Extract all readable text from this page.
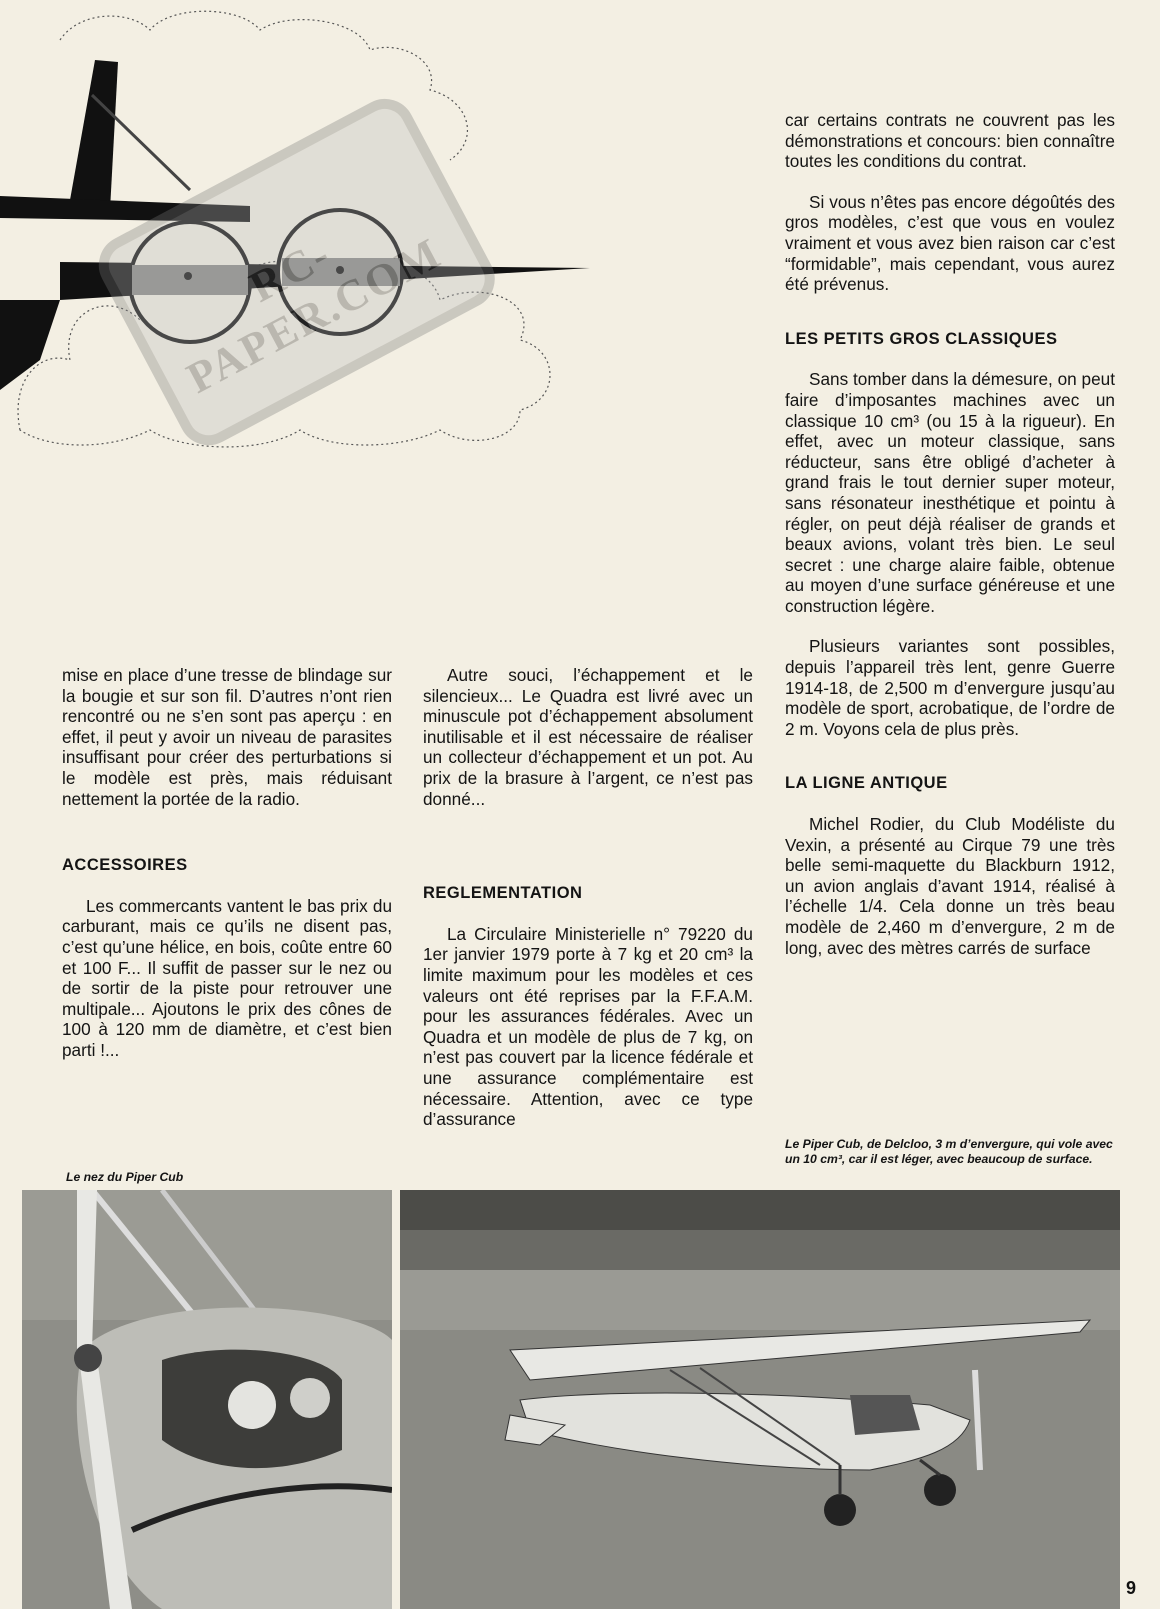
RC-PAPER.COM

mise en place d’une tresse de blindage sur la bougie et sur son fil. D’autres n’ont rien rencontré ou ne s’en sont pas aperçu : en effet, il peut y avoir un niveau de parasites insuffisant pour créer des perturbations si le modèle est près, mais réduisant nettement la portée de la radio.

ACCESSOIRES

Les commercants vantent le bas prix du carburant, mais ce qu’ils ne disent pas, c’est qu’une hélice, en bois, coûte entre 60 et 100 F... Il suffit de passer sur le nez ou de sortir de la piste pour retrouver une multipale... Ajoutons le prix des cônes de 100 à 120 mm de diamètre, et c’est bien parti !...

Autre souci, l’échappement et le silencieux... Le Quadra est livré avec un minuscule pot d’échappement absolument inutilisable et il est nécessaire de réaliser un collecteur d’échappement et un pot. Au prix de la brasure à l’argent, ce n’est pas donné...

REGLEMENTATION

La Circulaire Ministerielle n° 79220 du 1er janvier 1979 porte à 7 kg et 20 cm³ la limite maximum pour les modèles et ces valeurs ont été reprises par la F.F.A.M. pour les assurances fédérales. Avec un Quadra et un modèle de plus de 7 kg, on n’est pas couvert par la licence fédérale et une assurance complémentaire est nécessaire. Attention, avec ce type d’assurance

car certains contrats ne couvrent pas les démonstrations et concours: bien connaître toutes les conditions du contrat.

Si vous n’êtes pas encore dégoûtés des gros modèles, c’est que vous en voulez vraiment et vous avez bien raison car c’est “formidable”, mais cependant, vous aurez été prévenus.

LES PETITS GROS CLASSIQUES

Sans tomber dans la démesure, on peut faire d’imposantes machines avec un classique 10 cm³ (ou 15 à la rigueur). En effet, avec un moteur classique, sans réducteur, sans être obligé d’acheter à grand frais le tout dernier super moteur, sans résonateur inesthétique et pointu à régler, on peut déjà réaliser de grands et beaux avions, volant très bien. Le seul secret : une charge alaire faible, obtenue au moyen d’une surface généreuse et une construction légère.

Plusieurs variantes sont possibles, depuis l’appareil très lent, genre Guerre 1914-18, de 2,500 m d’envergure jusqu’au modèle de sport, acrobatique, de l’ordre de 2 m. Voyons cela de plus près.

LA LIGNE ANTIQUE

Michel Rodier, du Club Modéliste du Vexin, a présenté au Cirque 79 une très belle semi-maquette du Blackburn 1912, un avion anglais d’avant 1914, réalisé à l’échelle 1/4. Cela donne un très beau modèle de 2,460 m d’envergure, 2 m de long, avec des mètres carrés de surface

Le nez du Piper Cub
Le Piper Cub, de Delcloo, 3 m d’envergure, qui vole avec un 10 cm³, car il est léger, avec beaucoup de surface.
9
